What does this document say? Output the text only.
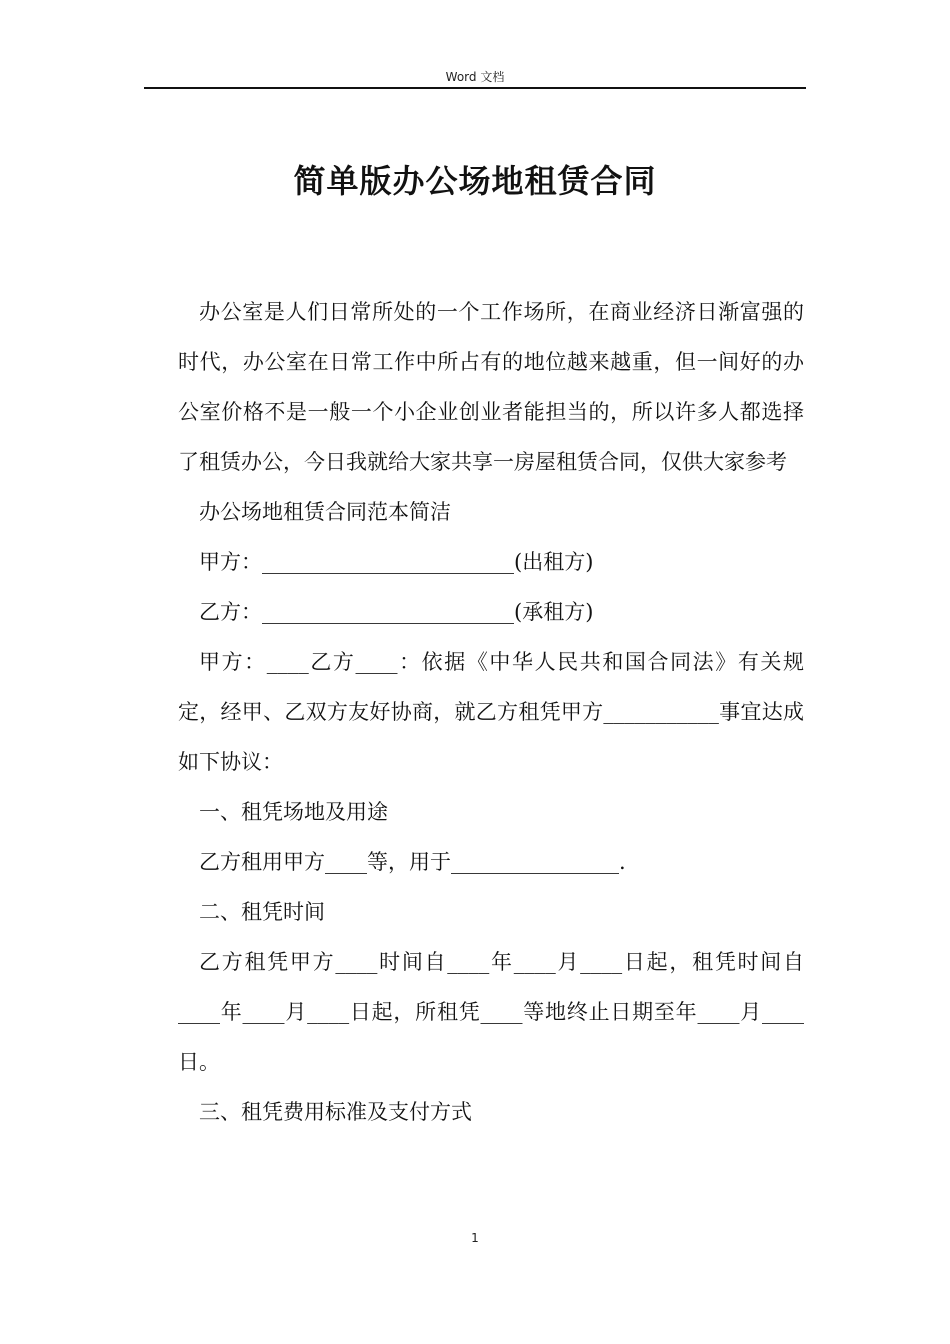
Word 文档
简单版办公场地租赁合同

办公室是人们日常所处的一个工作场所，在商业经济日渐富强的时代，办公室在日常工作中所占有的地位越来越重，但一间好的办公室价格不是一般一个小企业创业者能担当的，所以许多人都选择了租赁办公，今日我就给大家共享一房屋租赁合同，仅供大家参考

办公场地租赁合同范本简洁

甲方：________________________(出租方)

乙方：________________________(承租方)

甲方：____乙方____：依据《中华人民共和国合同法》有关规定，经甲、乙双方友好协商，就乙方租凭甲方___________事宜达成如下协议：

一、租凭场地及用途

乙方租用甲方____等，用于________________.

二、租凭时间

乙方租凭甲方____时间自____年____月____日起，租凭时间自____年____月____日起，所租凭____等地终止日期至年____月____日。

三、租凭费用标准及支付方式

1
